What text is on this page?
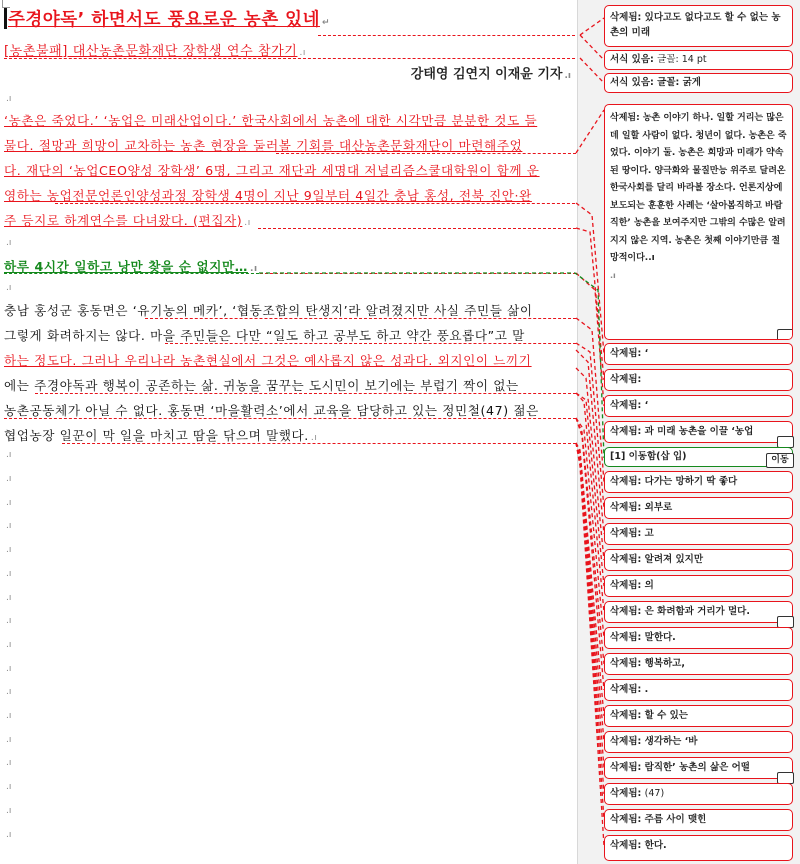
주경야독’ 하면서도 풍요로운 농촌 있네 ↵
[농촌불패] 대산농촌문화재단 장학생 연수 참가기 .ı
강태영 김연지 이재윤 기자 .ı
.ı
‘농촌은 죽었다.’ ‘농업은 미래산업이다.’ 한국사회에서 농촌에 대한 시각만큼 분분한 것도 들
물다. 절망과 희망이 교차하는 농촌 현장을 둘러볼 기회를 대산농촌문화재단이 마련해주었
다. 재단의 ‘농업CEO양성 장학생’ 6명, 그리고 재단과 세명대 저널리즘스쿨대학원이 함께 운
영하는 농업전문언론인양성과정 장학생 4명이 지난 9일부터 4일간 충남 홍성, 전북 진안·완
주 등지로 하계연수를 다녀왔다. (편집자) .ı
.ı
하루 4시간 일하고 낭만 찾을 순 없지만… .ı
.ı
충남 홍성군 홍동면은 ‘유기농의 메카’, ‘협동조합의 탄생지’라 알려졌지만 사실 주민들 삶이
그렇게 화려하지는 않다. 마을 주민들은 다만 “일도 하고 공부도 하고 약간 풍요롭다”고 말
하는 정도다. 그러나 우리나라 농촌현실에서 그것은 예사롭지 않은 성과다. 외지인이 느끼기
에는 주경야독과 행복이 공존하는 삶. 귀농을 꿈꾸는 도시민이 보기에는 부럽기 짝이 없는
농촌공동체가 아닐 수 없다. 홍동면 ‘마을활력소’에서 교육을 담당하고 있는 정민철(47) 젊은
협업농장 일꾼이 막 일을 마치고 땀을 닦으며 말했다. .ı
.ı
.ı
.ı
.ı
.ı
.ı
.ı
.ı
.ı
.ı
.ı
.ı
.ı
.ı
.ı
.ı
.ı
삭제됨: 있다고도 없다고도 할 수 없는 농촌의 미래
서식 있음: 글꼴: 14 pt
서식 있음: 글꼴: 굵게
삭제됨: 농촌 이야기 하나. 일할 거리는 많은데 일할 사람이 없다. 청년이 없다. 농촌은 죽었다. 이야기 둘. 농촌은 희망과 미래가 약속된 땅이다. 양극화와 물질만능 위주로 달려온 한국사회를 달리 바라볼 장소다. 언론지상에 보도되는 훈훈한 사례는 ‘살아봄직하고 바람직한’ 농촌을 보여주지만 그밖의 수많은 알려지지 않은 지역. 농촌은 첫째 이야기만큼 절망적이다..ı
.ı
삭제됨: ‘
삭제됨:
삭제됨: ‘
삭제됨: 과 미래 농촌을 이끌 ‘농업
[1] 이동함(삽 입)	이동
삭제됨: 다가는 망하기 딱 좋다
삭제됨: 외부로
삭제됨: 고
삭제됨: 알려져 있지만
삭제됨: 의
삭제됨: 은 화려함과 거리가 멀다.
삭제됨: 말한다.
삭제됨: 행복하고,
삭제됨: .
삭제됨: 할 수 있는
삭제됨: 생각하는 ‘바
삭제됨: 람직한’ 농촌의 삶은 어떨
삭제됨: (47)
삭제됨: 주름 사이 맺힌
삭제됨: 한다.
